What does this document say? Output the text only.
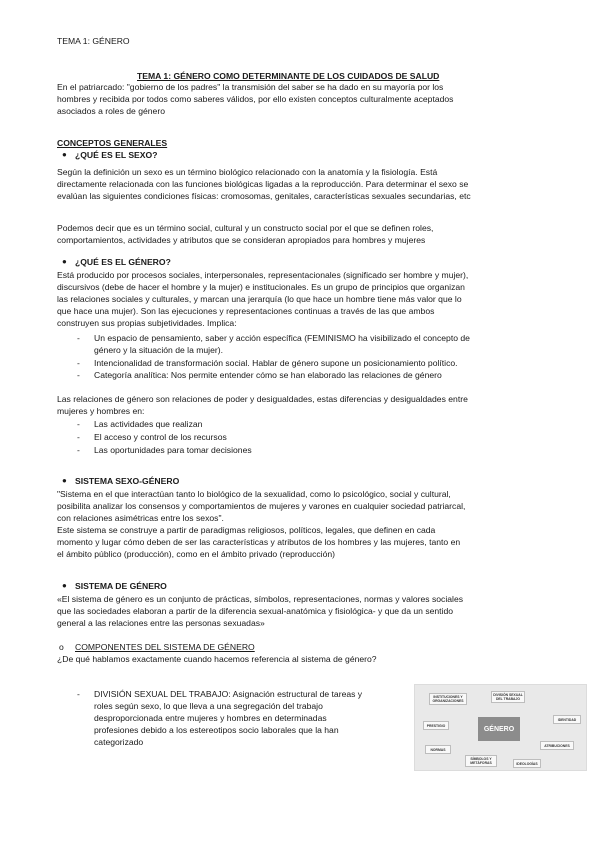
TEMA 1: GÉNERO
TEMA 1: GÉNERO COMO DETERMINANTE DE LOS CUIDADOS DE SALUD
En el patriarcado: "gobierno de los padres" la transmisión del saber se ha dado en su mayoría por los
hombres y recibida por todos como saberes válidos, por ello existen conceptos culturalmente aceptados
asociados a roles de género
CONCEPTOS GENERALES
● ¿QUÉ ES EL SEXO?
Según la definición un sexo es un término biológico relacionado con la anatomía y la fisiología. Está
directamente relacionada con las funciones biológicas ligadas a la reproducción. Para determinar el sexo se
evalúan las siguientes condiciones físicas: cromosomas, genitales, características sexuales secundarias, etc
Podemos decir que es un término social, cultural y un constructo social por el que se definen roles,
comportamientos, actividades y atributos que se consideran apropiados para hombres y mujeres
● ¿QUÉ ES EL GÉNERO?
Está producido por procesos sociales, interpersonales, representacionales (significado ser hombre y mujer),
discursivos (debe de hacer el hombre y la mujer) e institucionales. Es un grupo de principios que organizan
las relaciones sociales y culturales, y marcan una jerarquía (lo que hace un hombre tiene más valor que lo
que hace una mujer). Son las ejecuciones y representaciones continuas a través de las que ambos
construyen sus propias subjetividades. Implica:
- Un espacio de pensamiento, saber y acción específica (FEMINISMO ha visibilizado el concepto de
género y la situación de la mujer).
- Intencionalidad de transformación social. Hablar de género supone un posicionamiento político.
- Categoría analítica: Nos permite entender cómo se han elaborado las relaciones de género
Las relaciones de género son relaciones de poder y desigualdades, estas diferencias y desigualdades entre
mujeres y hombres en:
- Las actividades que realizan
- El acceso y control de los recursos
- Las oportunidades para tomar decisiones
● SISTEMA SEXO-GÉNERO
"Sistema en el que interactúan tanto lo biológico de la sexualidad, como lo psicológico, social y cultural,
posibilita analizar los consensos y comportamientos de mujeres y varones en cualquier sociedad patriarcal,
con relaciones asimétricas entre los sexos".
Este sistema se construye a partir de paradigmas religiosos, políticos, legales, que definen en cada
momento y lugar cómo deben de ser las características y atributos de los hombres y las mujeres, tanto en
el ámbito público (producción), como en el ámbito privado (reproducción)
● SISTEMA DE GÉNERO
«El sistema de género es un conjunto de prácticas, símbolos, representaciones, normas y valores sociales
que las sociedades elaboran a partir de la diferencia sexual-anatómica y fisiológica- y que da un sentido
general a las relaciones entre las personas sexuadas»
o COMPONENTES DEL SISTEMA DE GÉNERO
¿De qué hablamos exactamente cuando hacemos referencia al sistema de género?
- DIVISIÓN SEXUAL DEL TRABAJO: Asignación estructural de tareas y
roles según sexo, lo que lleva a una segregación del trabajo
desproporcionada entre mujeres y hombres en determinadas
profesiones debido a los estereotipos socio laborales que la han
categorizado
GÉNERO
INSTITUCIONES Y ORGANIZACIONES
DIVISIÓN SEXUAL DEL TRABAJO
PRESTIGIO
IDENTIDAD
NORMAS
ATRIBUCIONES
SÍMBOLOS Y METÁFORAS	IDEOLOGÍAS
